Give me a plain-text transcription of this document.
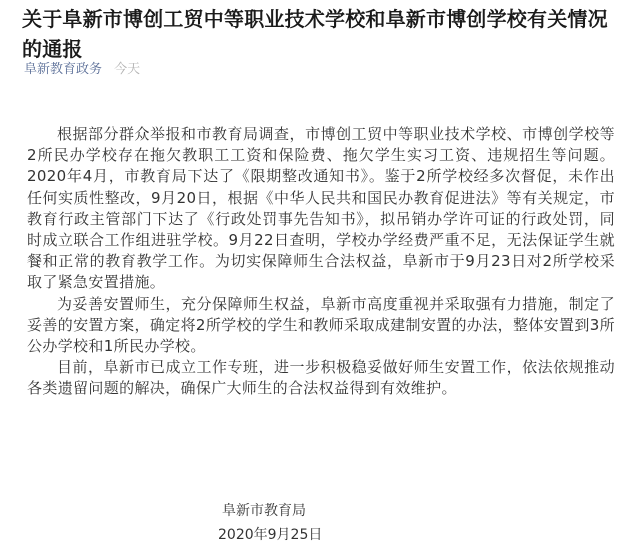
关于阜新市博创工贸中等职业技术学校和阜新市博创学校有关情况的通报
阜新教育政务 今天

根据部分群众举报和市教育局调查，市博创工贸中等职业技术学校、市博创学校等2所民办学校存在拖欠教职工工资和保险费、拖欠学生实习工资、违规招生等问题。2020年4月，市教育局下达了《限期整改通知书》。鉴于2所学校经多次督促，未作出任何实质性整改，9月20日，根据《中华人民共和国民办教育促进法》等有关规定，市教育行政主管部门下达了《行政处罚事先告知书》，拟吊销办学许可证的行政处罚，同时成立联合工作组进驻学校。9月22日查明，学校办学经费严重不足，无法保证学生就餐和正常的教育教学工作。为切实保障师生合法权益，阜新市于9月23日对2所学校采取了紧急安置措施。

为妥善安置师生，充分保障师生权益，阜新市高度重视并采取强有力措施，制定了妥善的安置方案，确定将2所学校的学生和教师采取成建制安置的办法，整体安置到3所公办学校和1所民办学校。

目前，阜新市已成立工作专班，进一步积极稳妥做好师生安置工作，依法依规推动各类遗留问题的解决，确保广大师生的合法权益得到有效维护。

阜新市教育局
2020年9月25日
